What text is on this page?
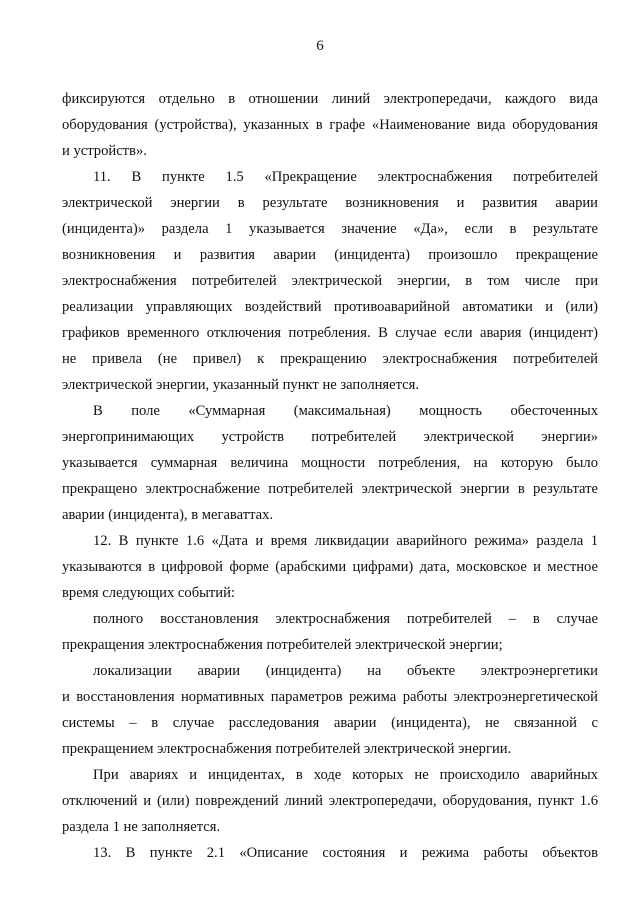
6
фиксируются отдельно в отношении линий электропередачи, каждого вида
оборудования (устройства), указанных в графе «Наименование вида оборудования
и устройств».
11. В пункте 1.5 «Прекращение электроснабжения потребителей
электрической энергии в результате возникновения и развития аварии
(инцидента)» раздела 1 указывается значение «Да», если в результате
возникновения и развития аварии (инцидента) произошло прекращение
электроснабжения потребителей электрической энергии, в том числе при
реализации управляющих воздействий противоаварийной автоматики и (или)
графиков временного отключения потребления. В случае если авария (инцидент)
не привела (не привел) к прекращению электроснабжения потребителей
электрической энергии, указанный пункт не заполняется.
В поле «Суммарная (максимальная) мощность обесточенных
энергопринимающих устройств потребителей электрической энергии»
указывается суммарная величина мощности потребления, на которую было
прекращено электроснабжение потребителей электрической энергии в результате
аварии (инцидента), в мегаваттах.
12. В пункте 1.6 «Дата и время ликвидации аварийного режима» раздела 1
указываются в цифровой форме (арабскими цифрами) дата, московское и местное
время следующих событий:
полного восстановления электроснабжения потребителей – в случае
прекращения электроснабжения потребителей электрической энергии;
локализации аварии (инцидента) на объекте электроэнергетики
и восстановления нормативных параметров режима работы электроэнергетической
системы – в случае расследования аварии (инцидента), не связанной с
прекращением электроснабжения потребителей электрической энергии.
При авариях и инцидентах, в ходе которых не происходило аварийных
отключений и (или) повреждений линий электропередачи, оборудования, пункт 1.6
раздела 1 не заполняется.
13. В пункте 2.1 «Описание состояния и режима работы объектов
